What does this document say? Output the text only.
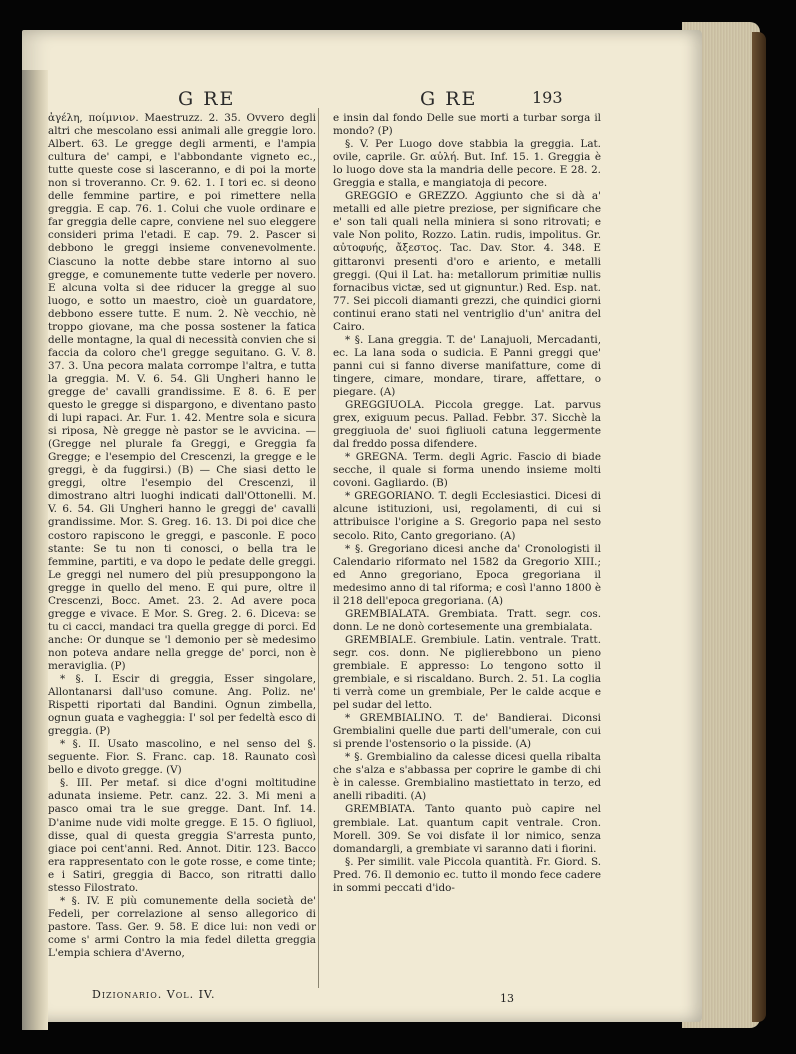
G RE	G RE	193

ἀγέλη, ποίμνιον. Maestruzz. 2. 35. Ovvero degli altri che mescolano essi animali alle greggie loro. Albert. 63. Le gregge degli armenti, e l'ampia cultura de' campi, e l'abbondante vigneto ec., tutte queste cose si lasceranno, e di poi la morte non si troveranno. Cr. 9. 62. 1. I tori ec. si deono delle femmine partire, e poi rimettere nella greggia. E cap. 76. 1. Colui che vuole ordinare e far greggia delle capre, conviene nel suo eleggere consideri prima l'etadi. E cap. 79. 2. Pascer si debbono le greggi insieme convenevolmente. Ciascuno la notte debbe stare intorno al suo gregge, e comunemente tutte vederle per novero. E alcuna volta si dee riducer la gregge al suo luogo, e sotto un maestro, cioè un guardatore, debbono essere tutte. E num. 2. Nè vecchio, nè troppo giovane, ma che possa sostener la fatica delle montagne, la qual di necessità convien che si faccia da coloro che'l gregge seguitano. G. V. 8. 37. 3. Una pecora malata corrompe l'altra, e tutta la greggia. M. V. 6. 54. Gli Ungheri hanno le gregge de' cavalli grandissime. E 8. 6. E per questo le gregge si dispargono, e diventano pasto di lupi rapaci. Ar. Fur. 1. 42. Mentre sola e sicura si riposa, Nè gregge nè pastor se le avvicina. — (Gregge nel plurale fa Greggi, e Greggia fa Gregge; e l'esempio del Crescenzi, la gregge e le greggi, è da fuggirsi.) (B) — Che siasi detto le greggi, oltre l'esempio del Crescenzi, il dimostrano altri luoghi indicati dall'Ottonelli. M. V. 6. 54. Gli Ungheri hanno le greggi de' cavalli grandissime. Mor. S. Greg. 16. 13. Di poi dice che costoro rapiscono le greggi, e pasconle. E poco stante: Se tu non ti conosci, o bella tra le femmine, partiti, e va dopo le pedate delle greggi. Le greggi nel numero del più presuppongono la gregge in quello del meno. E qui pure, oltre il Crescenzi, Bocc. Amet. 23. 2. Ad avere poca gregge e vivace. E Mor. S. Greg. 2. 6. Diceva: se tu ci cacci, mandaci tra quella gregge di porci. Ed anche: Or dunque se 'l demonio per sè medesimo non poteva andare nella gregge de' porci, non è meraviglia. (P)

* §. I. Escir di greggia, Esser singolare, Allontanarsi dall'uso comune. Ang. Poliz. ne' Rispetti riportati dal Bandini. Ognun zimbella, ognun guata e vagheggia: I' sol per fedeltà esco di greggia. (P)

* §. II. Usato mascolino, e nel senso del §. seguente. Fior. S. Franc. cap. 18. Raunato così bello e divoto gregge. (V)

§. III. Per metaf. si dice d'ogni moltitudine adunata insieme. Petr. canz. 22. 3. Mi meni a pasco omai tra le sue gregge. Dant. Inf. 14. D'anime nude vidi molte gregge. E 15. O figliuol, disse, qual di questa greggia S'arresta punto, giace poi cent'anni. Red. Annot. Ditir. 123. Bacco era rappresentato con le gote rosse, e come tinte; e i Satiri, greggia di Bacco, son ritratti dallo stesso Filostrato.

* §. IV. E più comunemente della società de' Fedeli, per correlazione al senso allegorico di pastore. Tass. Ger. 9. 58. E dice lui: non vedi or come s' armi Contro la mia fedel diletta greggia L'empia schiera d'Averno,

e insin dal fondo Delle sue morti a turbar sorga il mondo? (P)

§. V. Per Luogo dove stabbia la greggia. Lat. ovile, caprile. Gr. αὐλή. But. Inf. 15. 1. Greggia è lo luogo dove sta la mandria delle pecore. E 28. 2. Greggia e stalla, e mangiatoja di pecore.

GREGGIO e GREZZO. Aggiunto che si dà a' metalli ed alle pietre preziose, per significare che e' son tali quali nella miniera si sono ritrovati; e vale Non polito, Rozzo. Latin. rudis, impolitus. Gr. αὐτοφυής, ἄξεστος. Tac. Dav. Stor. 4. 348. E gittaronvi presenti d'oro e ariento, e metalli greggi. (Qui il Lat. ha: metallorum primitiæ nullis fornacibus victæ, sed ut gignuntur.) Red. Esp. nat. 77. Sei piccoli diamanti grezzi, che quindici giorni continui erano stati nel ventriglio d'un' anitra del Cairo.

* §. Lana greggia. T. de' Lanajuoli, Mercadanti, ec. La lana soda o sudicia. E Panni greggi que' panni cui si fanno diverse manifatture, come di tingere, cimare, mondare, tirare, affettare, o piegare. (A)

GREGGIUOLA. Piccola gregge. Lat. parvus grex, exiguum pecus. Pallad. Febbr. 37. Sicchè la greggiuola de' suoi figliuoli catuna leggermente dal freddo possa difendere.

* GREGNA. Term. degli Agric. Fascio di biade secche, il quale si forma unendo insieme molti covoni. Gagliardo. (B)

* GREGORIANO. T. degli Ecclesiastici. Dicesi di alcune istituzioni, usi, regolamenti, di cui si attribuisce l'origine a S. Gregorio papa nel sesto secolo. Rito, Canto gregoriano. (A)

* §. Gregoriano dicesi anche da' Cronologisti il Calendario riformato nel 1582 da Gregorio XIII.; ed Anno gregoriano, Epoca gregoriana il medesimo anno di tal riforma; e così l'anno 1800 è il 218 dell'epoca gregoriana. (A)

GREMBIALATA. Grembiata. Tratt. segr. cos. donn. Le ne donò cortesemente una grembialata.

GREMBIALE. Grembiule. Latin. ventrale. Tratt. segr. cos. donn. Ne piglierebbono un pieno grembiale. E appresso: Lo tengono sotto il grembiale, e si riscaldano. Burch. 2. 51. La coglia ti verrà come un grembiale, Per le calde acque e pel sudar del letto.

* GREMBIALINO. T. de' Bandierai. Diconsi Grembialini quelle due parti dell'umerale, con cui si prende l'ostensorio o la pisside. (A)

* §. Grembialino da calesse dicesi quella ribalta che s'alza e s'abbassa per coprire le gambe di chi è in calesse. Grembialino mastiettato in terzo, ed anelli ribaditi. (A)

GREMBIATA. Tanto quanto può capire nel grembiale. Lat. quantum capit ventrale. Cron. Morell. 309. Se voi disfate il lor nimico, senza domandargli, a grembiate vi saranno dati i fiorini.

§. Per similit. vale Piccola quantità. Fr. Giord. S. Pred. 76. Il demonio ec. tutto il mondo fece cadere in sommi peccati d'ido-

Dizionario. Vol. IV.	13
